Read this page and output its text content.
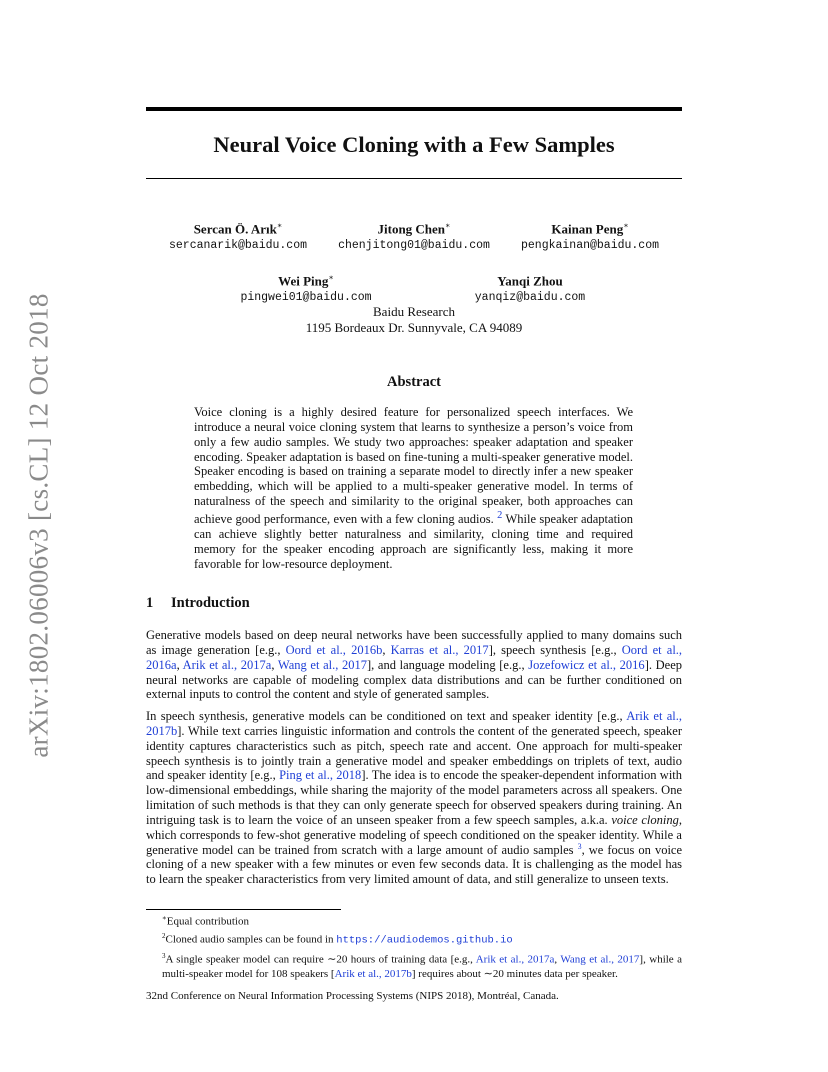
arXiv:1802.06006v3 [cs.CL] 12 Oct 2018
Neural Voice Cloning with a Few Samples
Sercan Ö. Arık∗
sercanarik@baidu.com
Jitong Chen∗
chenjitong01@baidu.com
Kainan Peng∗
pengkainan@baidu.com
Wei Ping∗
pingwei01@baidu.com
Yanqi Zhou
yanqiz@baidu.com
Baidu Research
1195 Bordeaux Dr. Sunnyvale, CA 94089
Abstract
Voice cloning is a highly desired feature for personalized speech interfaces. We introduce a neural voice cloning system that learns to synthesize a person’s voice from only a few audio samples. We study two approaches: speaker adaptation and speaker encoding. Speaker adaptation is based on fine-tuning a multi-speaker generative model. Speaker encoding is based on training a separate model to directly infer a new speaker embedding, which will be applied to a multi-speaker generative model. In terms of naturalness of the speech and similarity to the original speaker, both approaches can achieve good performance, even with a few cloning audios. $^2$ While speaker adaptation can achieve slightly better naturalness and similarity, cloning time and required memory for the speaker encoding approach are significantly less, making it more favorable for low-resource deployment.
1 Introduction
Generative models based on deep neural networks have been successfully applied to many domains such as image generation [e.g., Oord et al., 2016b, Karras et al., 2017], speech synthesis [e.g., Oord et al., 2016a, Arik et al., 2017a, Wang et al., 2017], and language modeling [e.g., Jozefowicz et al., 2016]. Deep neural networks are capable of modeling complex data distributions and can be further conditioned on external inputs to control the content and style of generated samples.
In speech synthesis, generative models can be conditioned on text and speaker identity [e.g., Arik et al., 2017b]. While text carries linguistic information and controls the content of the generated speech, speaker identity captures characteristics such as pitch, speech rate and accent. One approach for multi-speaker speech synthesis is to jointly train a generative model and speaker embeddings on triplets of text, audio and speaker identity [e.g., Ping et al., 2018]. The idea is to encode the speaker-dependent information with low-dimensional embeddings, while sharing the majority of the model parameters across all speakers. One limitation of such methods is that they can only generate speech for observed speakers during training. An intriguing task is to learn the voice of an unseen speaker from a few speech samples, a.k.a. voice cloning, which corresponds to few-shot generative modeling of speech conditioned on the speaker identity. While a generative model can be trained from scratch with a large amount of audio samples $^3$, we focus on voice cloning of a new speaker with a few minutes or even few seconds data. It is challenging as the model has to learn the speaker characteristics from very limited amount of data, and still generalize to unseen texts.
∗Equal contribution
$^2$Cloned audio samples can be found in https://audiodemos.github.io
$^3$A single speaker model can require ∼20 hours of training data [e.g., Arik et al., 2017a, Wang et al., 2017], while a multi-speaker model for 108 speakers [Arik et al., 2017b] requires about ∼20 minutes data per speaker.
32nd Conference on Neural Information Processing Systems (NIPS 2018), Montréal, Canada.
